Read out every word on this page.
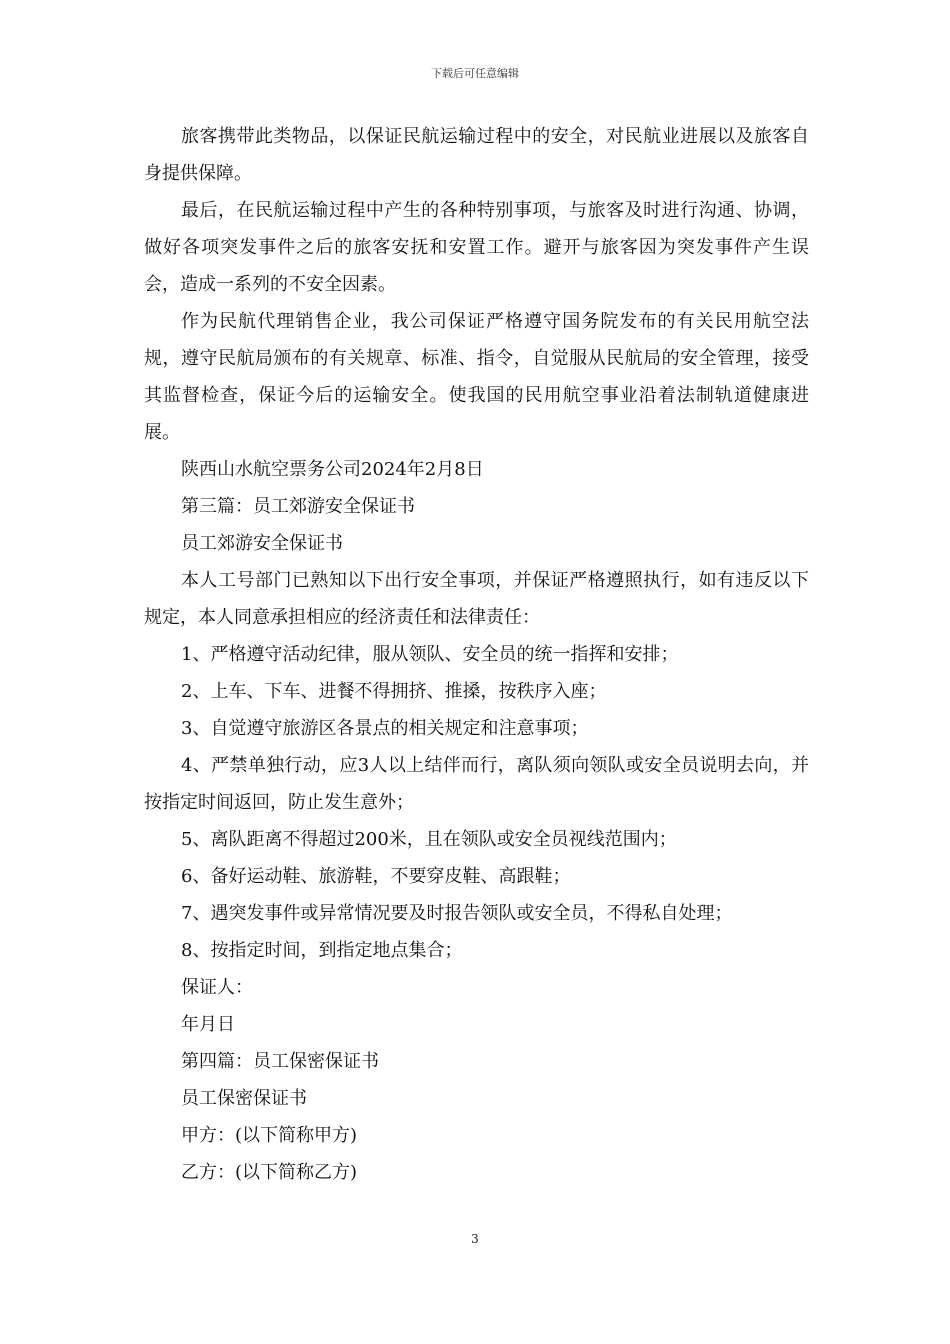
下载后可任意编辑

旅客携带此类物品，以保证民航运输过程中的安全，对民航业进展以及旅客自身提供保障。

最后，在民航运输过程中产生的各种特别事项，与旅客及时进行沟通、协调，做好各项突发事件之后的旅客安抚和安置工作。避开与旅客因为突发事件产生误会，造成一系列的不安全因素。

作为民航代理销售企业，我公司保证严格遵守国务院发布的有关民用航空法规，遵守民航局颁布的有关规章、标准、指令，自觉服从民航局的安全管理，接受其监督检查，保证今后的运输安全。使我国的民用航空事业沿着法制轨道健康进展。

陕西山水航空票务公司2024年2月8日

第三篇：员工郊游安全保证书

员工郊游安全保证书

本人工号部门已熟知以下出行安全事项，并保证严格遵照执行，如有违反以下规定，本人同意承担相应的经济责任和法律责任：

1、严格遵守活动纪律，服从领队、安全员的统一指挥和安排；

2、上车、下车、进餐不得拥挤、推搡，按秩序入座；

3、自觉遵守旅游区各景点的相关规定和注意事项；

4、严禁单独行动，应3人以上结伴而行，离队须向领队或安全员说明去向，并按指定时间返回，防止发生意外；

5、离队距离不得超过200米，且在领队或安全员视线范围内；

6、备好运动鞋、旅游鞋，不要穿皮鞋、高跟鞋；

7、遇突发事件或异常情况要及时报告领队或安全员，不得私自处理；

8、按指定时间，到指定地点集合；

保证人：

年月日

第四篇：员工保密保证书

员工保密保证书

甲方：(以下简称甲方)

乙方：(以下简称乙方)

3
